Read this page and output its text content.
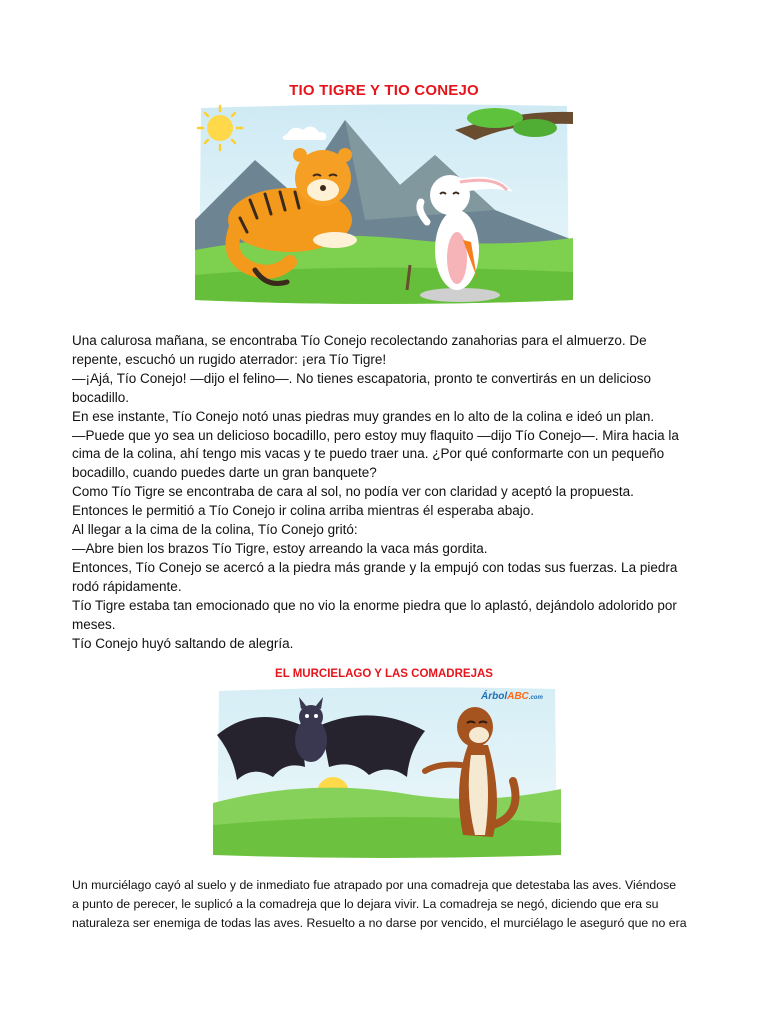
TIO TIGRE Y TIO CONEJO

Una calurosa mañana, se encontraba Tío Conejo recolectando zanahorias para el almuerzo. De

repente, escuchó un rugido aterrador: ¡era Tío Tigre!

—¡Ajá, Tío Conejo! —dijo el felino—. No tienes escapatoria, pronto te convertirás en un delicioso

bocadillo.

En ese instante, Tío Conejo notó unas piedras muy grandes en lo alto de la colina e ideó un plan.

—Puede que yo sea un delicioso bocadillo, pero estoy muy flaquito —dijo Tío Conejo—. Mira hacia la

cima de la colina, ahí tengo mis vacas y te puedo traer una. ¿Por qué conformarte con un pequeño

bocadillo, cuando puedes darte un gran banquete?

Como Tío Tigre se encontraba de cara al sol, no podía ver con claridad y aceptó la propuesta.

Entonces le permitió a Tío Conejo ir colina arriba mientras él esperaba abajo.

Al llegar a la cima de la colina, Tío Conejo gritó:

—Abre bien los brazos Tío Tigre, estoy arreando la vaca más gordita.

Entonces, Tío Conejo se acercó a la piedra más grande y la empujó con todas sus fuerzas. La piedra

rodó rápidamente.

Tío Tigre estaba tan emocionado que no vio la enorme piedra que lo aplastó, dejándolo adolorido por

meses.

Tío Conejo huyó saltando de alegría.

EL MURCIELAGO Y LAS COMADREJAS
ÁrbolABC.com

Un murciélago cayó al suelo y de inmediato fue atrapado por una comadreja que detestaba las aves. Viéndose

a punto de perecer, le suplicó a la comadreja que lo dejara vivir. La comadreja se negó, diciendo que era su

naturaleza ser enemiga de todas las aves. Resuelto a no darse por vencido, el murciélago le aseguró que no era
